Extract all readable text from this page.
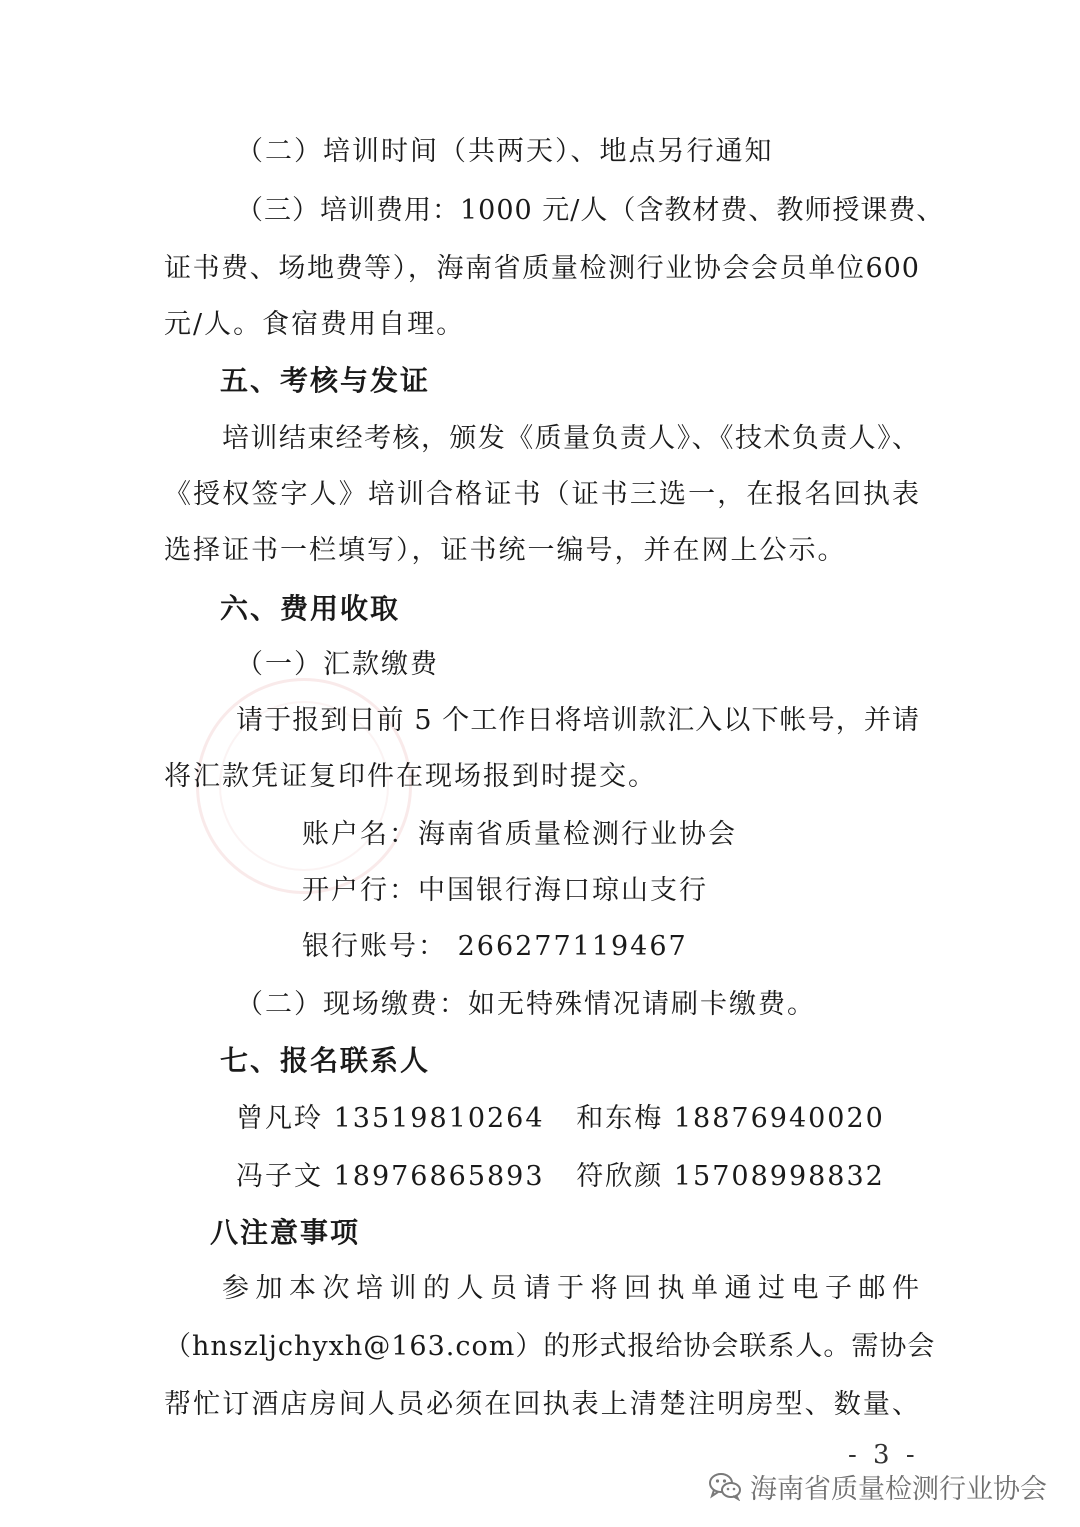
（二）培训时间（共两天）、地点另行通知
（三）培训费用：1000 元/人（含教材费、教师授课费、
证书费、场地费等），海南省质量检测行业协会会员单位600
元/人。食宿费用自理。
五、考核与发证
培训结束经考核，颁发《质量负责人》、《技术负责人》、
《授权签字人》培训合格证书（证书三选一，在报名回执表
选择证书一栏填写），证书统一编号，并在网上公示。
六、费用收取
（一）汇款缴费
请于报到日前 5 个工作日将培训款汇入以下帐号，并请
将汇款凭证复印件在现场报到时提交。
账户名：海南省质量检测行业协会
开户行：中国银行海口琼山支行
银行账号： 266277119467
（二）现场缴费：如无特殊情况请刷卡缴费。
七、报名联系人
曾凡玲 13519810264   和东梅 18876940020
冯子文 18976865893   符欣颜 15708998832
八注意事项
参加本次培训的人员请于将回执单通过电子邮件
（hnszljchyxh@163.com）的形式报给协会联系人。需协会
帮忙订酒店房间人员必须在回执表上清楚注明房型、数量、
- 3 -
海南省质量检测行业协会
